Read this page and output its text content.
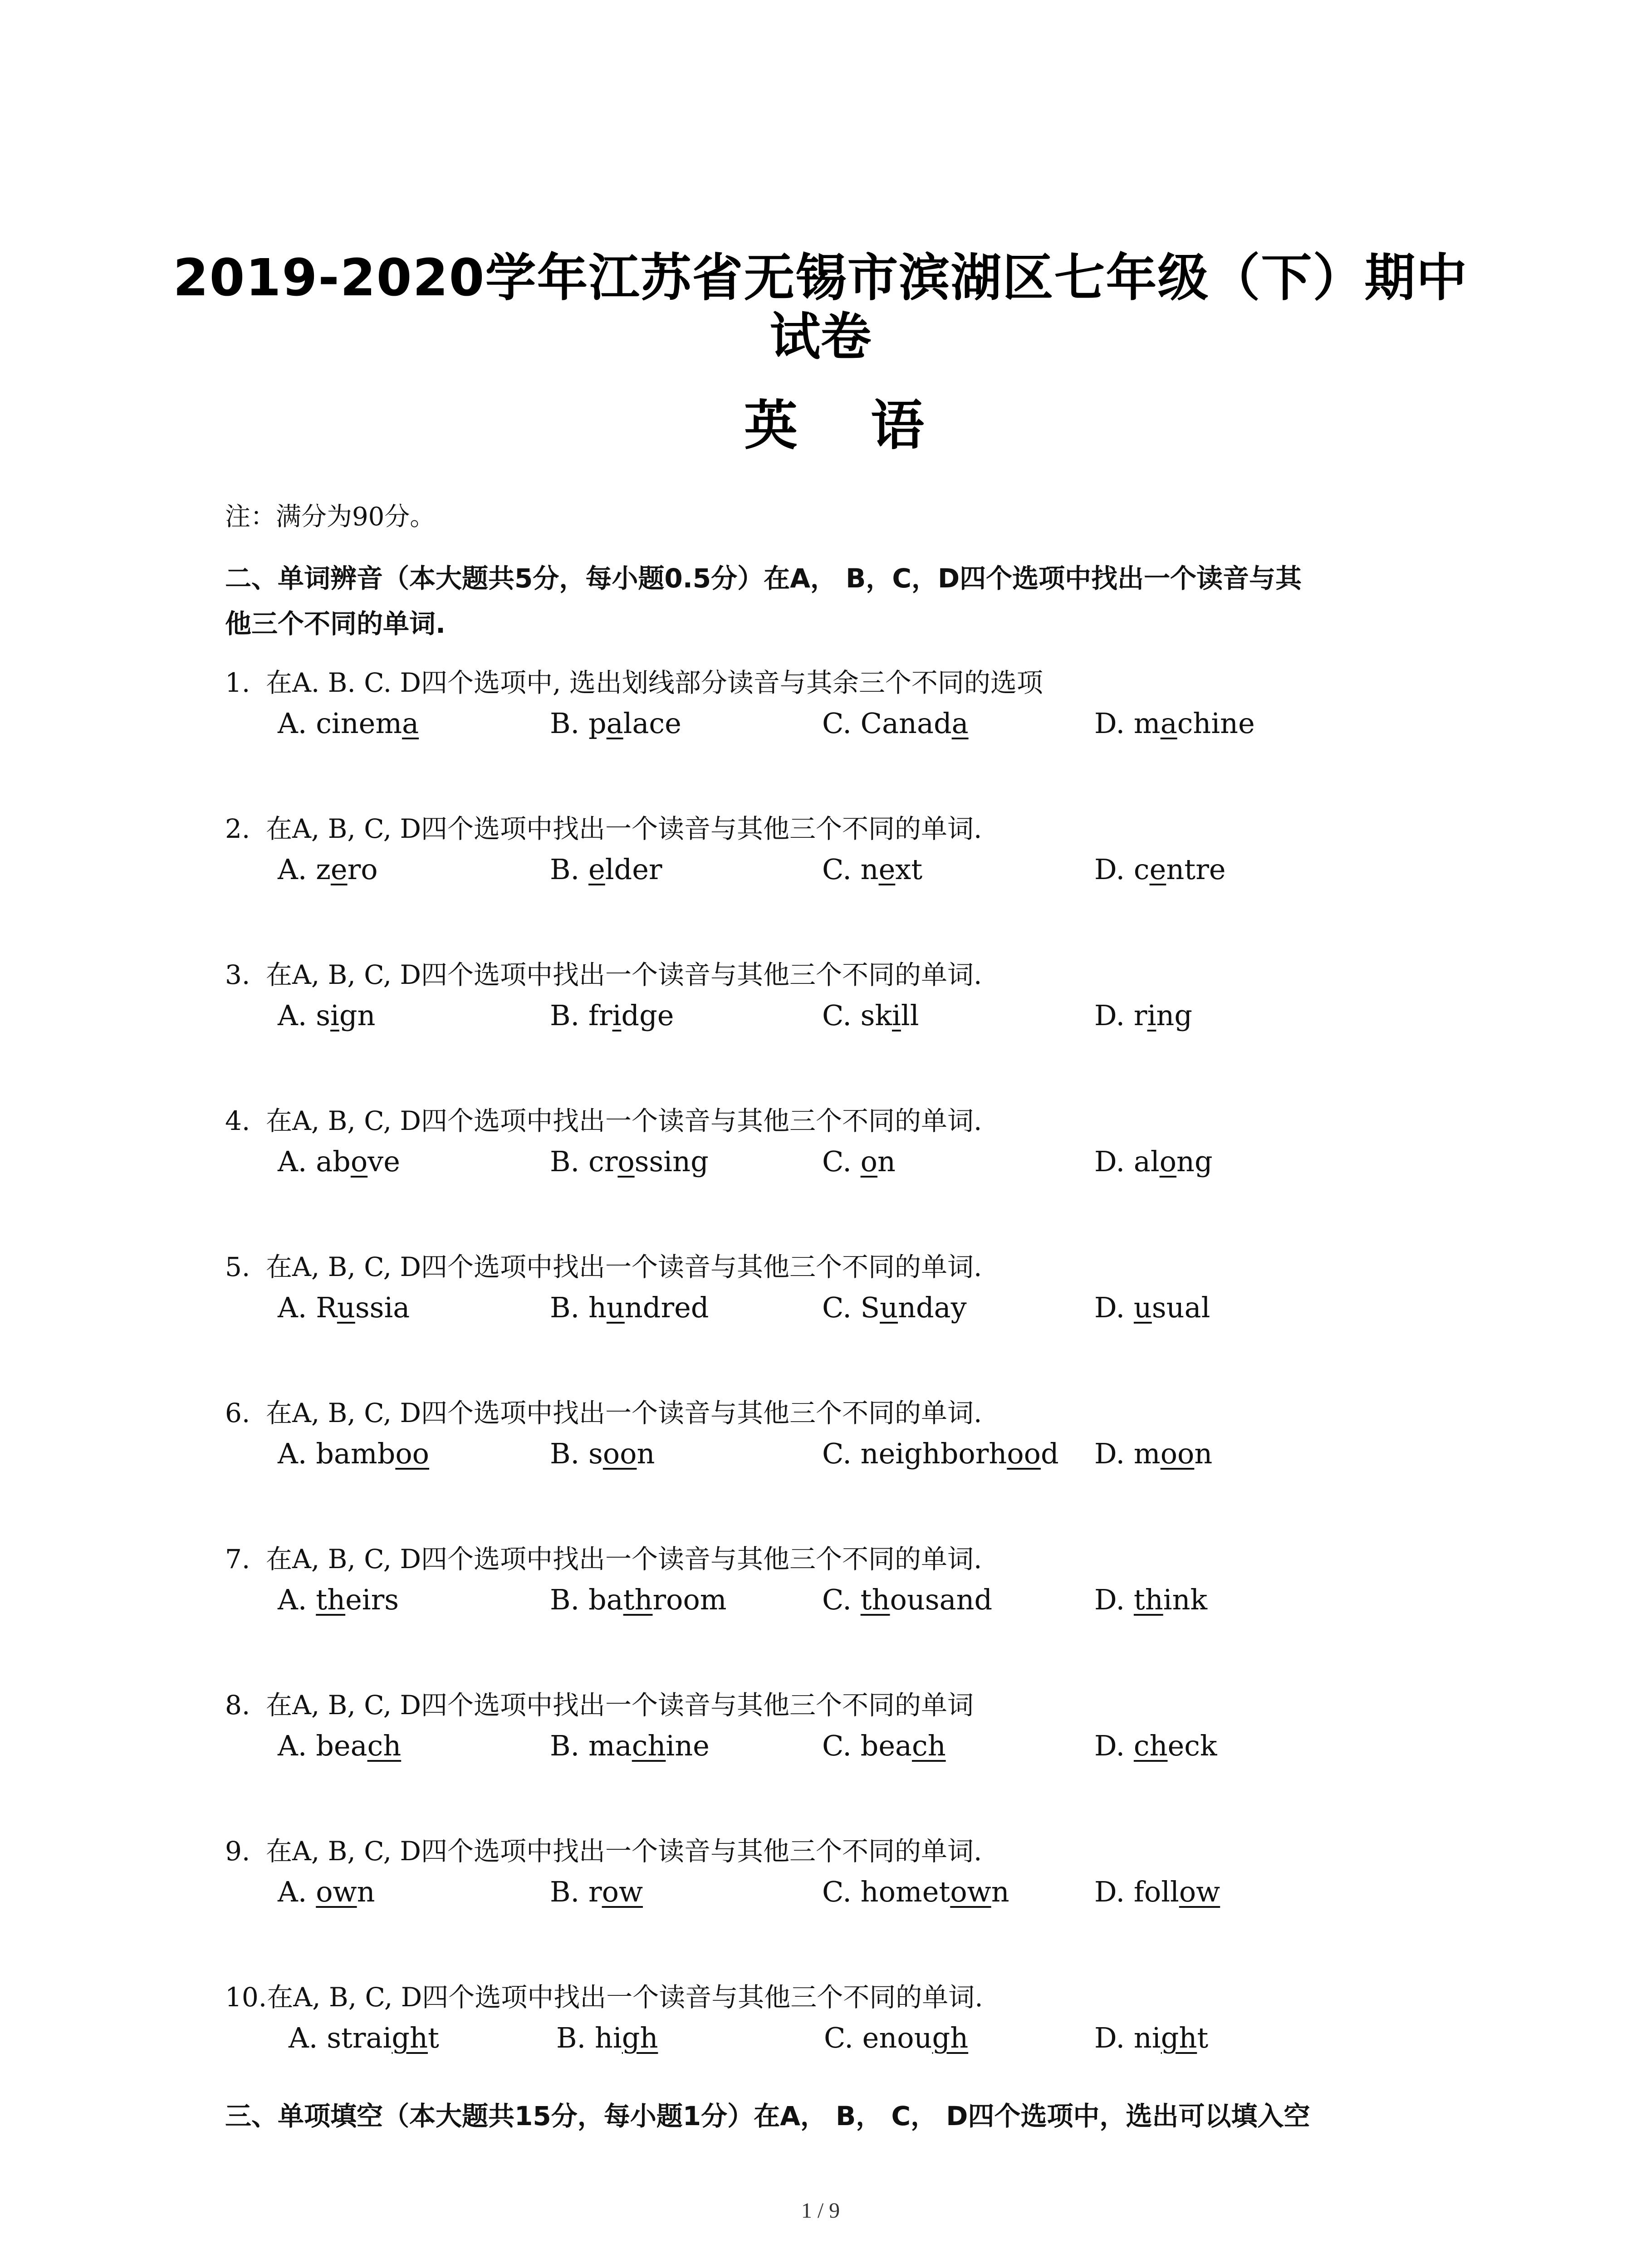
2019-2020学年江苏省无锡市滨湖区七年级（下）期中
试卷
英 语
注：满分为90分。
二、单词辨音（本大题共5分，每小题0.5分）在A， B，C，D四个选项中找出一个读音与其
他三个不同的单词.
1. 在A. B. C. D四个选项中, 选出划线部分读音与其余三个不同的选项
A. cinema	B. palace	C. Canada	D. machine
2. 在A, B, C, D四个选项中找出一个读音与其他三个不同的单词.
A. zero	B. elder	C. next	D. centre
3. 在A, B, C, D四个选项中找出一个读音与其他三个不同的单词.
A. sign	B. fridge	C. skill	D. ring
4. 在A, B, C, D四个选项中找出一个读音与其他三个不同的单词.
A. above	B. crossing	C. on	D. along
5. 在A, B, C, D四个选项中找出一个读音与其他三个不同的单词.
A. Russia	B. hundred	C. Sunday	D. usual
6. 在A, B, C, D四个选项中找出一个读音与其他三个不同的单词.
A. bamboo	B. soon	C. neighborhood D. moon
7. 在A, B, C, D四个选项中找出一个读音与其他三个不同的单词.
A. theirs	B. bathroom	C. thousand	D. think
8. 在A, B, C, D四个选项中找出一个读音与其他三个不同的单词
A. beach	B. machine	C. beach	D. check
9. 在A, B, C, D四个选项中找出一个读音与其他三个不同的单词.
A. own	B. row	C. hometown	D. follow
10.在A, B, C, D四个选项中找出一个读音与其他三个不同的单词.
A. straight	B. high	C. enough	D. night
三、单项填空（本大题共15分，每小题1分）在A， B， C， D四个选项中，选出可以填入空
1 / 9
